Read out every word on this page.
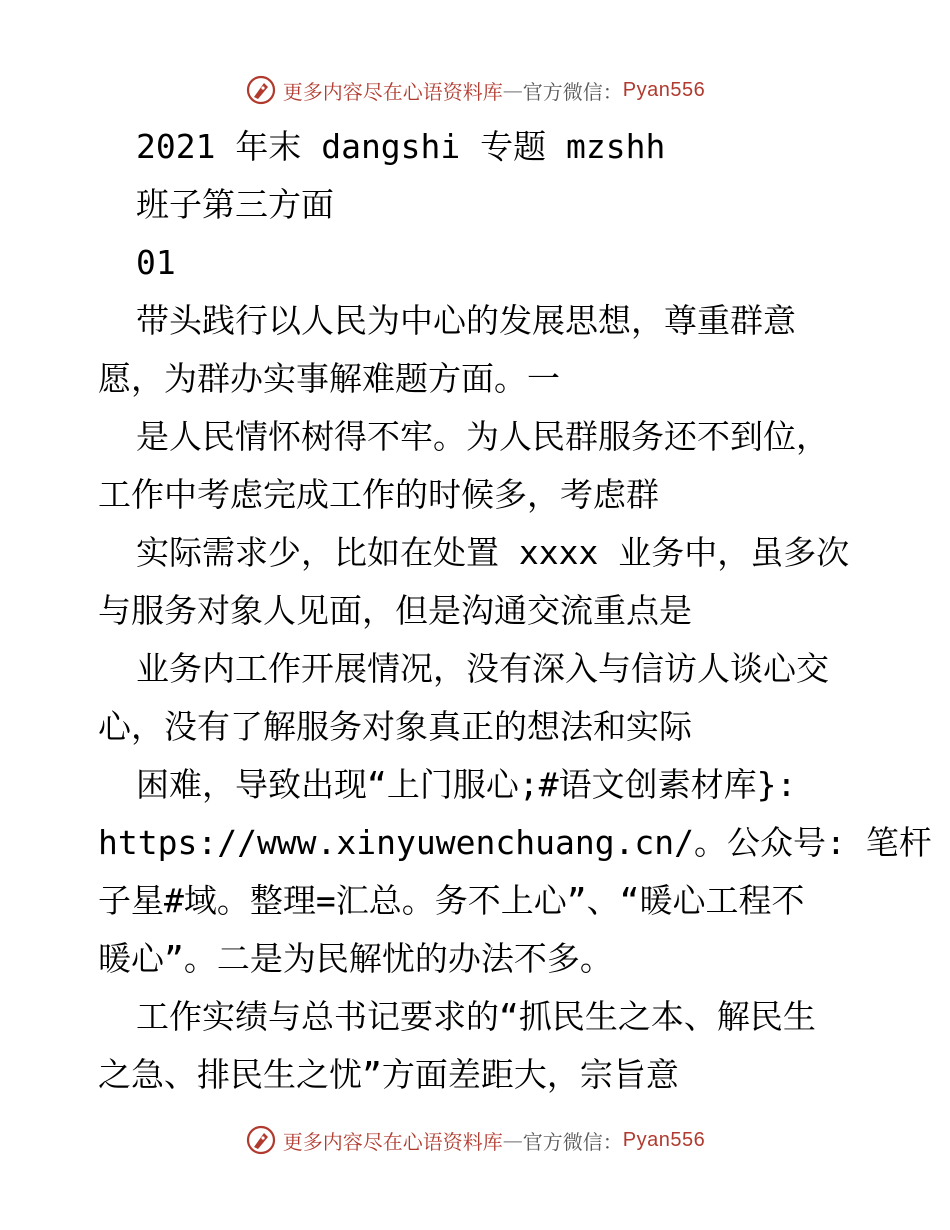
更多内容尽在心语资料库 — 官方微信： Pyan556

2021 年末 dangshi 专题 mzshh

班子第三方面

01

带头践行以人民为中心的发展思想，尊重群意

愿，为群办实事解难题方面。一

是人民情怀树得不牢。为人民群服务还不到位，

工作中考虑完成工作的时候多，考虑群

实际需求少，比如在处置 xxxx 业务中，虽多次

与服务对象人见面，但是沟通交流重点是

业务内工作开展情况，没有深入与信访人谈心交

心，没有了解服务对象真正的想法和实际

困难，导致出现“上门服心;#语文创素材库}:

https://www.xinyuwenchuang.cn/。公众号: 笔杆

子星#域。整理=汇总。务不上心”、“暖心工程不

暖心”。二是为民解忧的办法不多。

工作实绩与总书记要求的“抓民生之本、解民生

之急、排民生之忧”方面差距大，宗旨意

更多内容尽在心语资料库 — 官方微信： Pyan556
